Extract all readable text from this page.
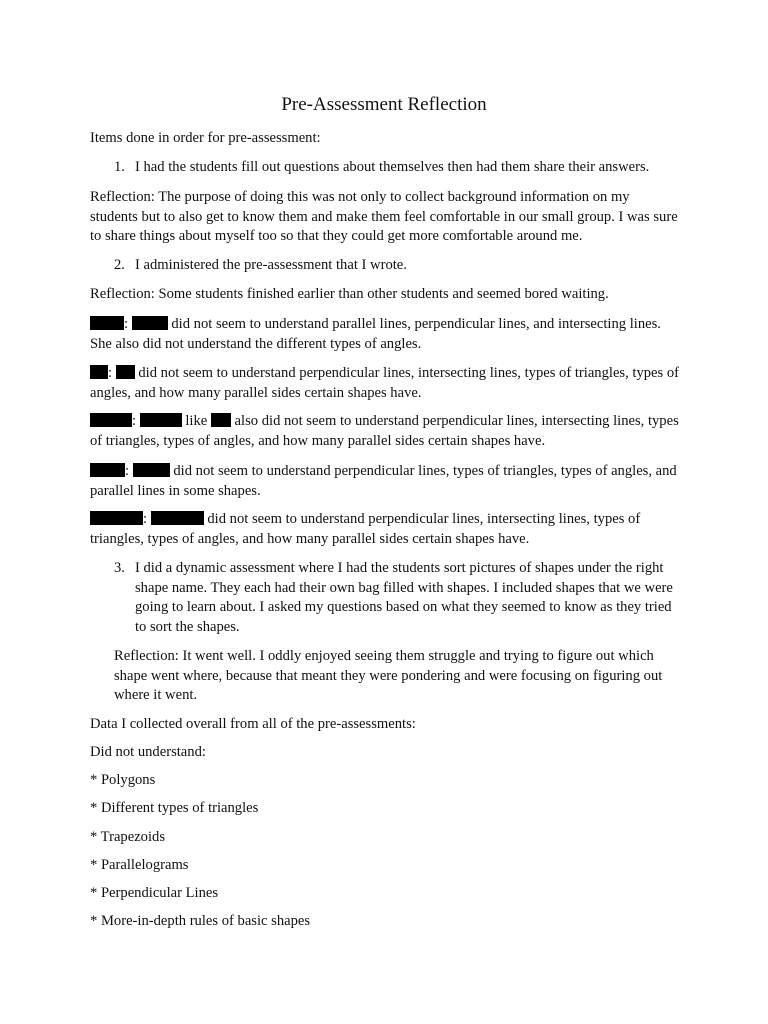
Pre-Assessment Reflection

Items done in order for pre-assessment:

1. I had the students fill out questions about themselves then had them share their answers.

Reflection: The purpose of doing this was not only to collect background information on my students but to also get to know them and make them feel comfortable in our small group. I was sure to share things about myself too so that they could get more comfortable around me.

2. I administered the pre-assessment that I wrote.

Reflection: Some students finished earlier than other students and seemed bored waiting.

:	did not seem to understand parallel lines, perpendicular lines, and intersecting lines. She also did not understand the different types of angles.

:  did not seem to understand perpendicular lines, intersecting lines, types of triangles, types of angles, and how many parallel sides certain shapes have.

:	like  also did not seem to understand perpendicular lines, intersecting lines, types of triangles, types of angles, and how many parallel sides certain shapes have.

:	did not seem to understand perpendicular lines, types of triangles, types of angles, and parallel lines in some shapes.

:	did not seem to understand perpendicular lines, intersecting lines, types of triangles, types of angles, and how many parallel sides certain shapes have.

3. I did a dynamic assessment where I had the students sort pictures of shapes under the right shape name. They each had their own bag filled with shapes. I included shapes that we were going to learn about. I asked my questions based on what they seemed to know as they tried to sort the shapes.

Reflection: It went well. I oddly enjoyed seeing them struggle and trying to figure out which shape went where, because that meant they were pondering and were focusing on figuring out where it went.

Data I collected overall from all of the pre-assessments:

Did not understand:

* Polygons

* Different types of triangles

* Trapezoids

* Parallelograms

* Perpendicular Lines

* More-in-depth rules of basic shapes
